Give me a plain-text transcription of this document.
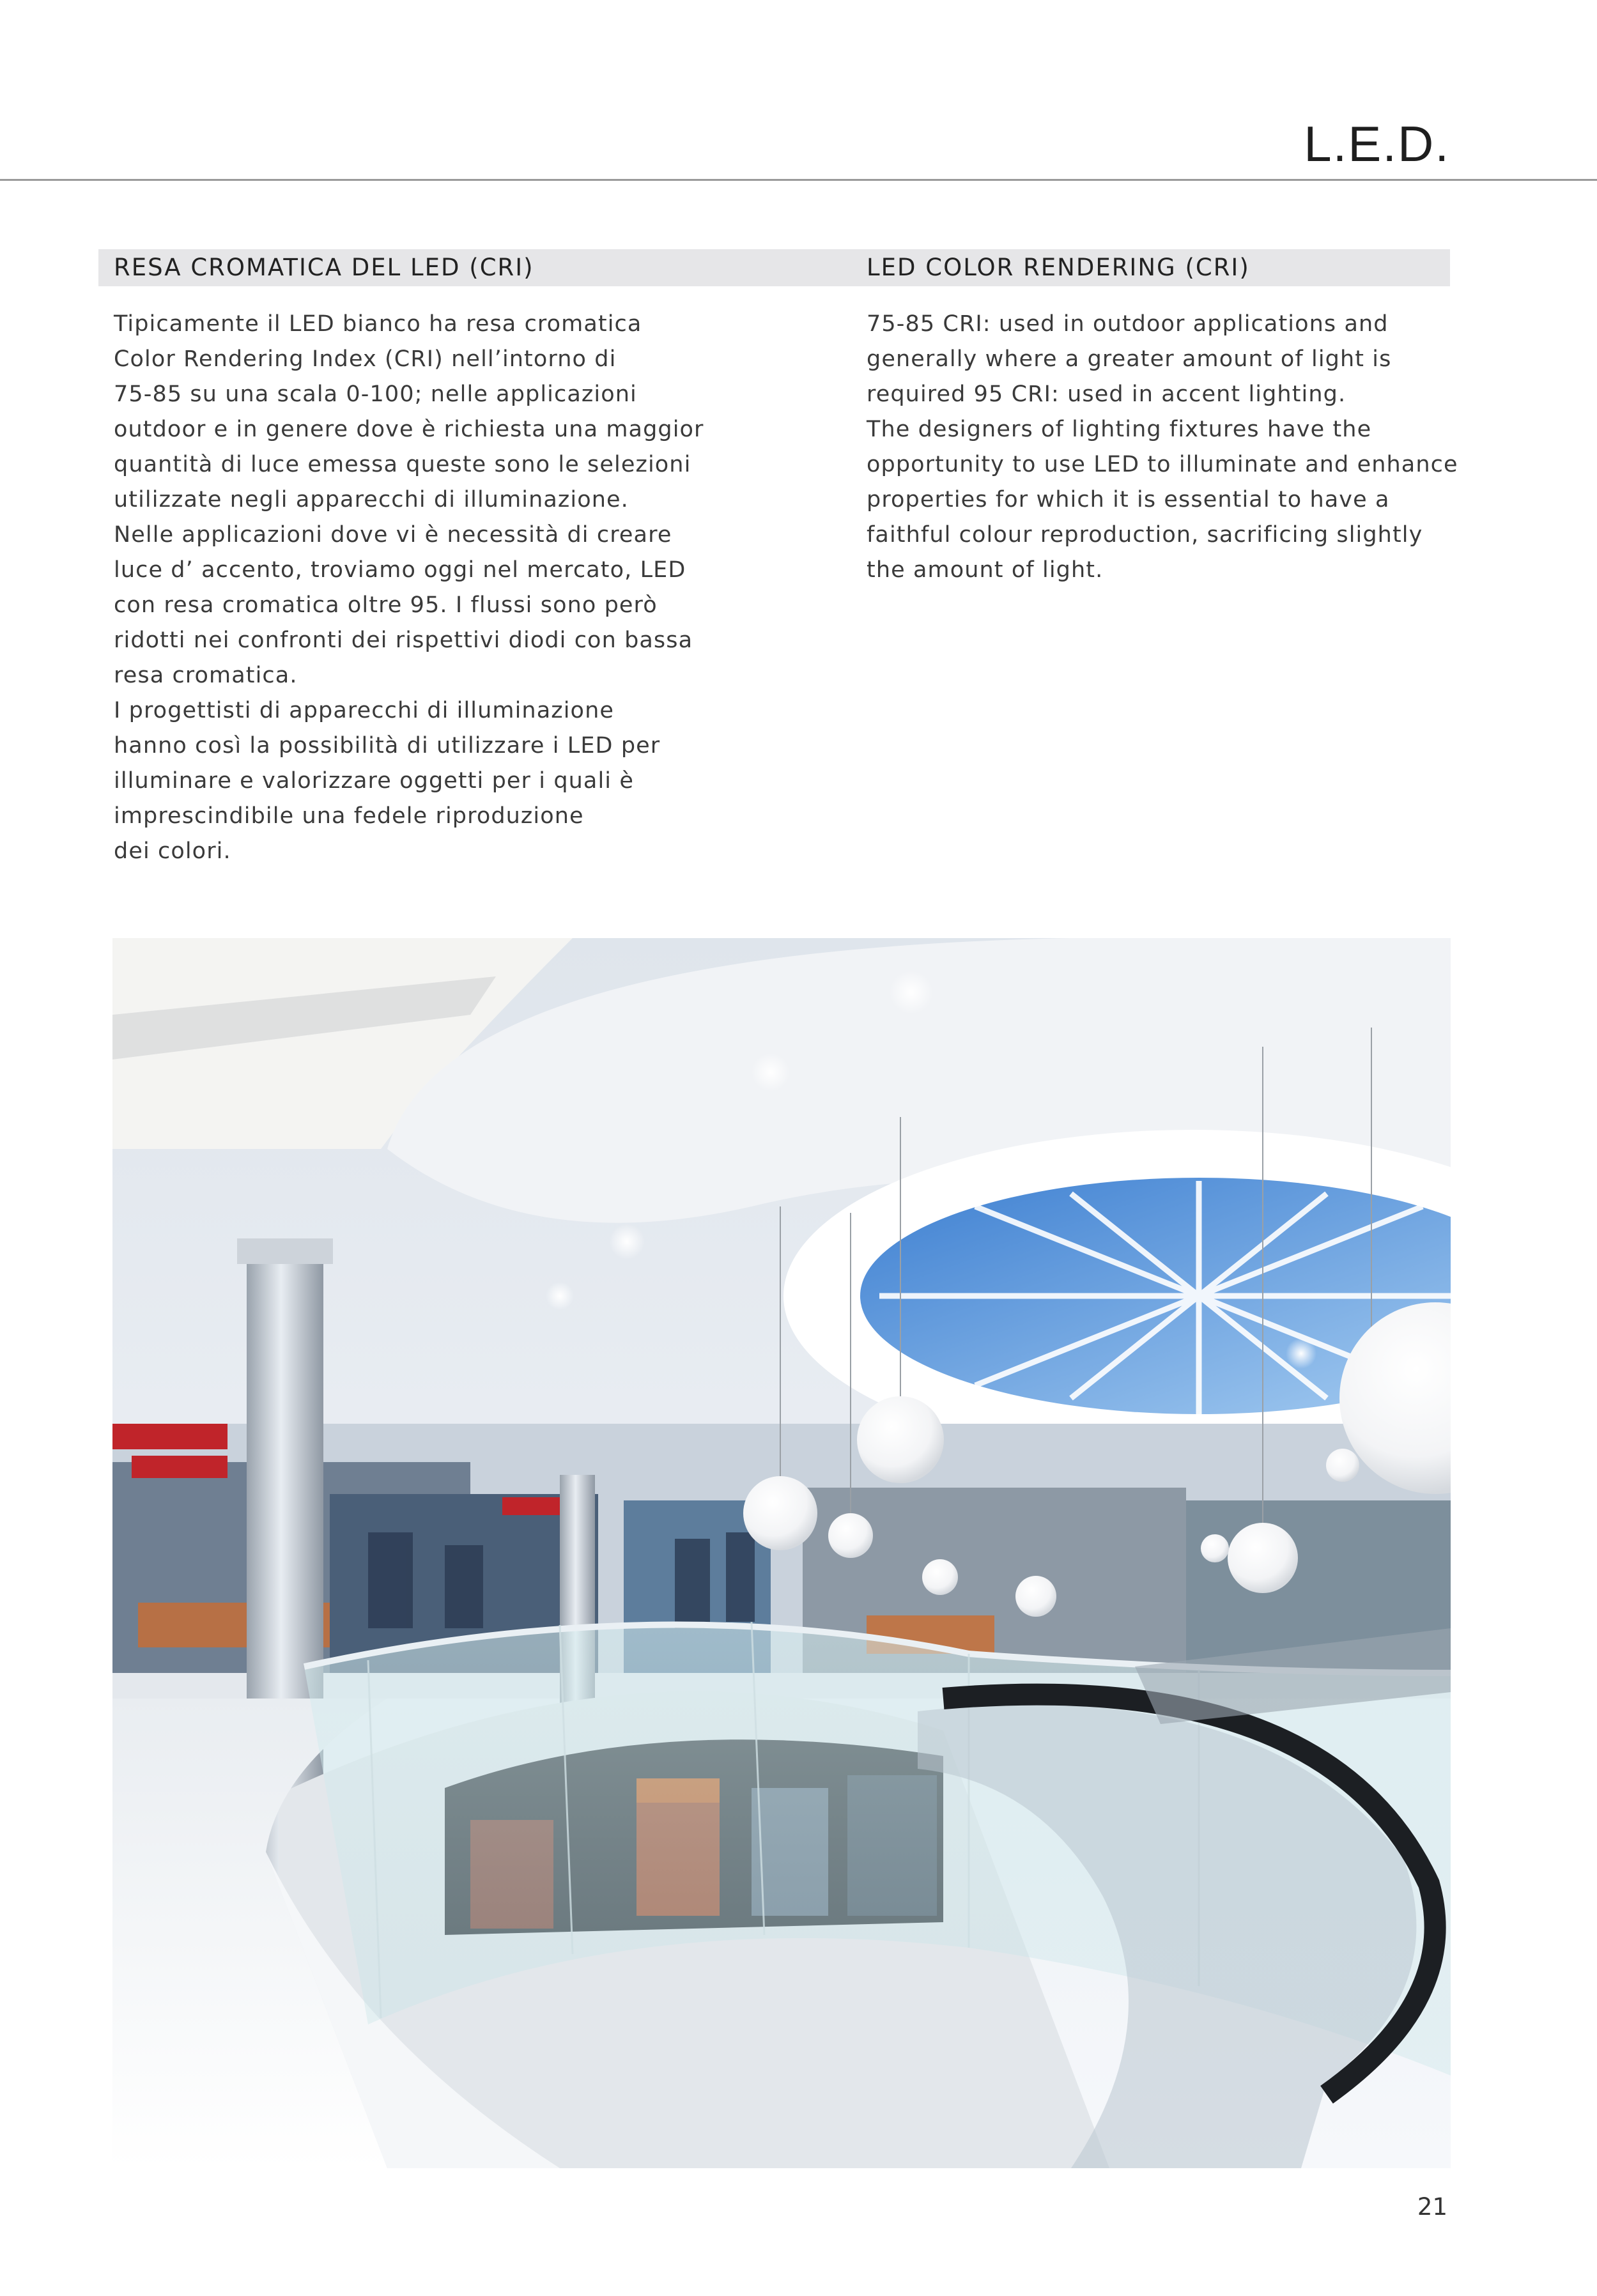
L.E.D.
RESA CROMATICA DEL LED (CRI)	LED COLOR RENDERING (CRI)
Tipicamente il LED bianco ha resa cromatica
Color Rendering Index (CRI) nell’intorno di
75-85 su una scala 0-100; nelle applicazioni
outdoor e in genere dove è richiesta una maggior
quantità di luce emessa queste sono le selezioni
utilizzate negli apparecchi di illuminazione.
Nelle applicazioni dove vi è necessità di creare
luce d’ accento, troviamo oggi nel mercato, LED
con resa cromatica oltre 95. I flussi sono però
ridotti nei confronti dei rispettivi diodi con bassa
resa cromatica.
I progettisti di apparecchi di illuminazione
hanno così la possibilità di utilizzare i LED per
illuminare e valorizzare oggetti per i quali è
imprescindibile una fedele riproduzione
dei colori.
75-85 CRI: used in outdoor applications and
generally where a greater amount of light is
required 95 CRI: used in accent lighting.
The designers of lighting fixtures have the
opportunity to use LED to illuminate and enhance
properties for which it is essential to have a
faithful colour reproduction, sacrificing slightly
the amount of light.
21
